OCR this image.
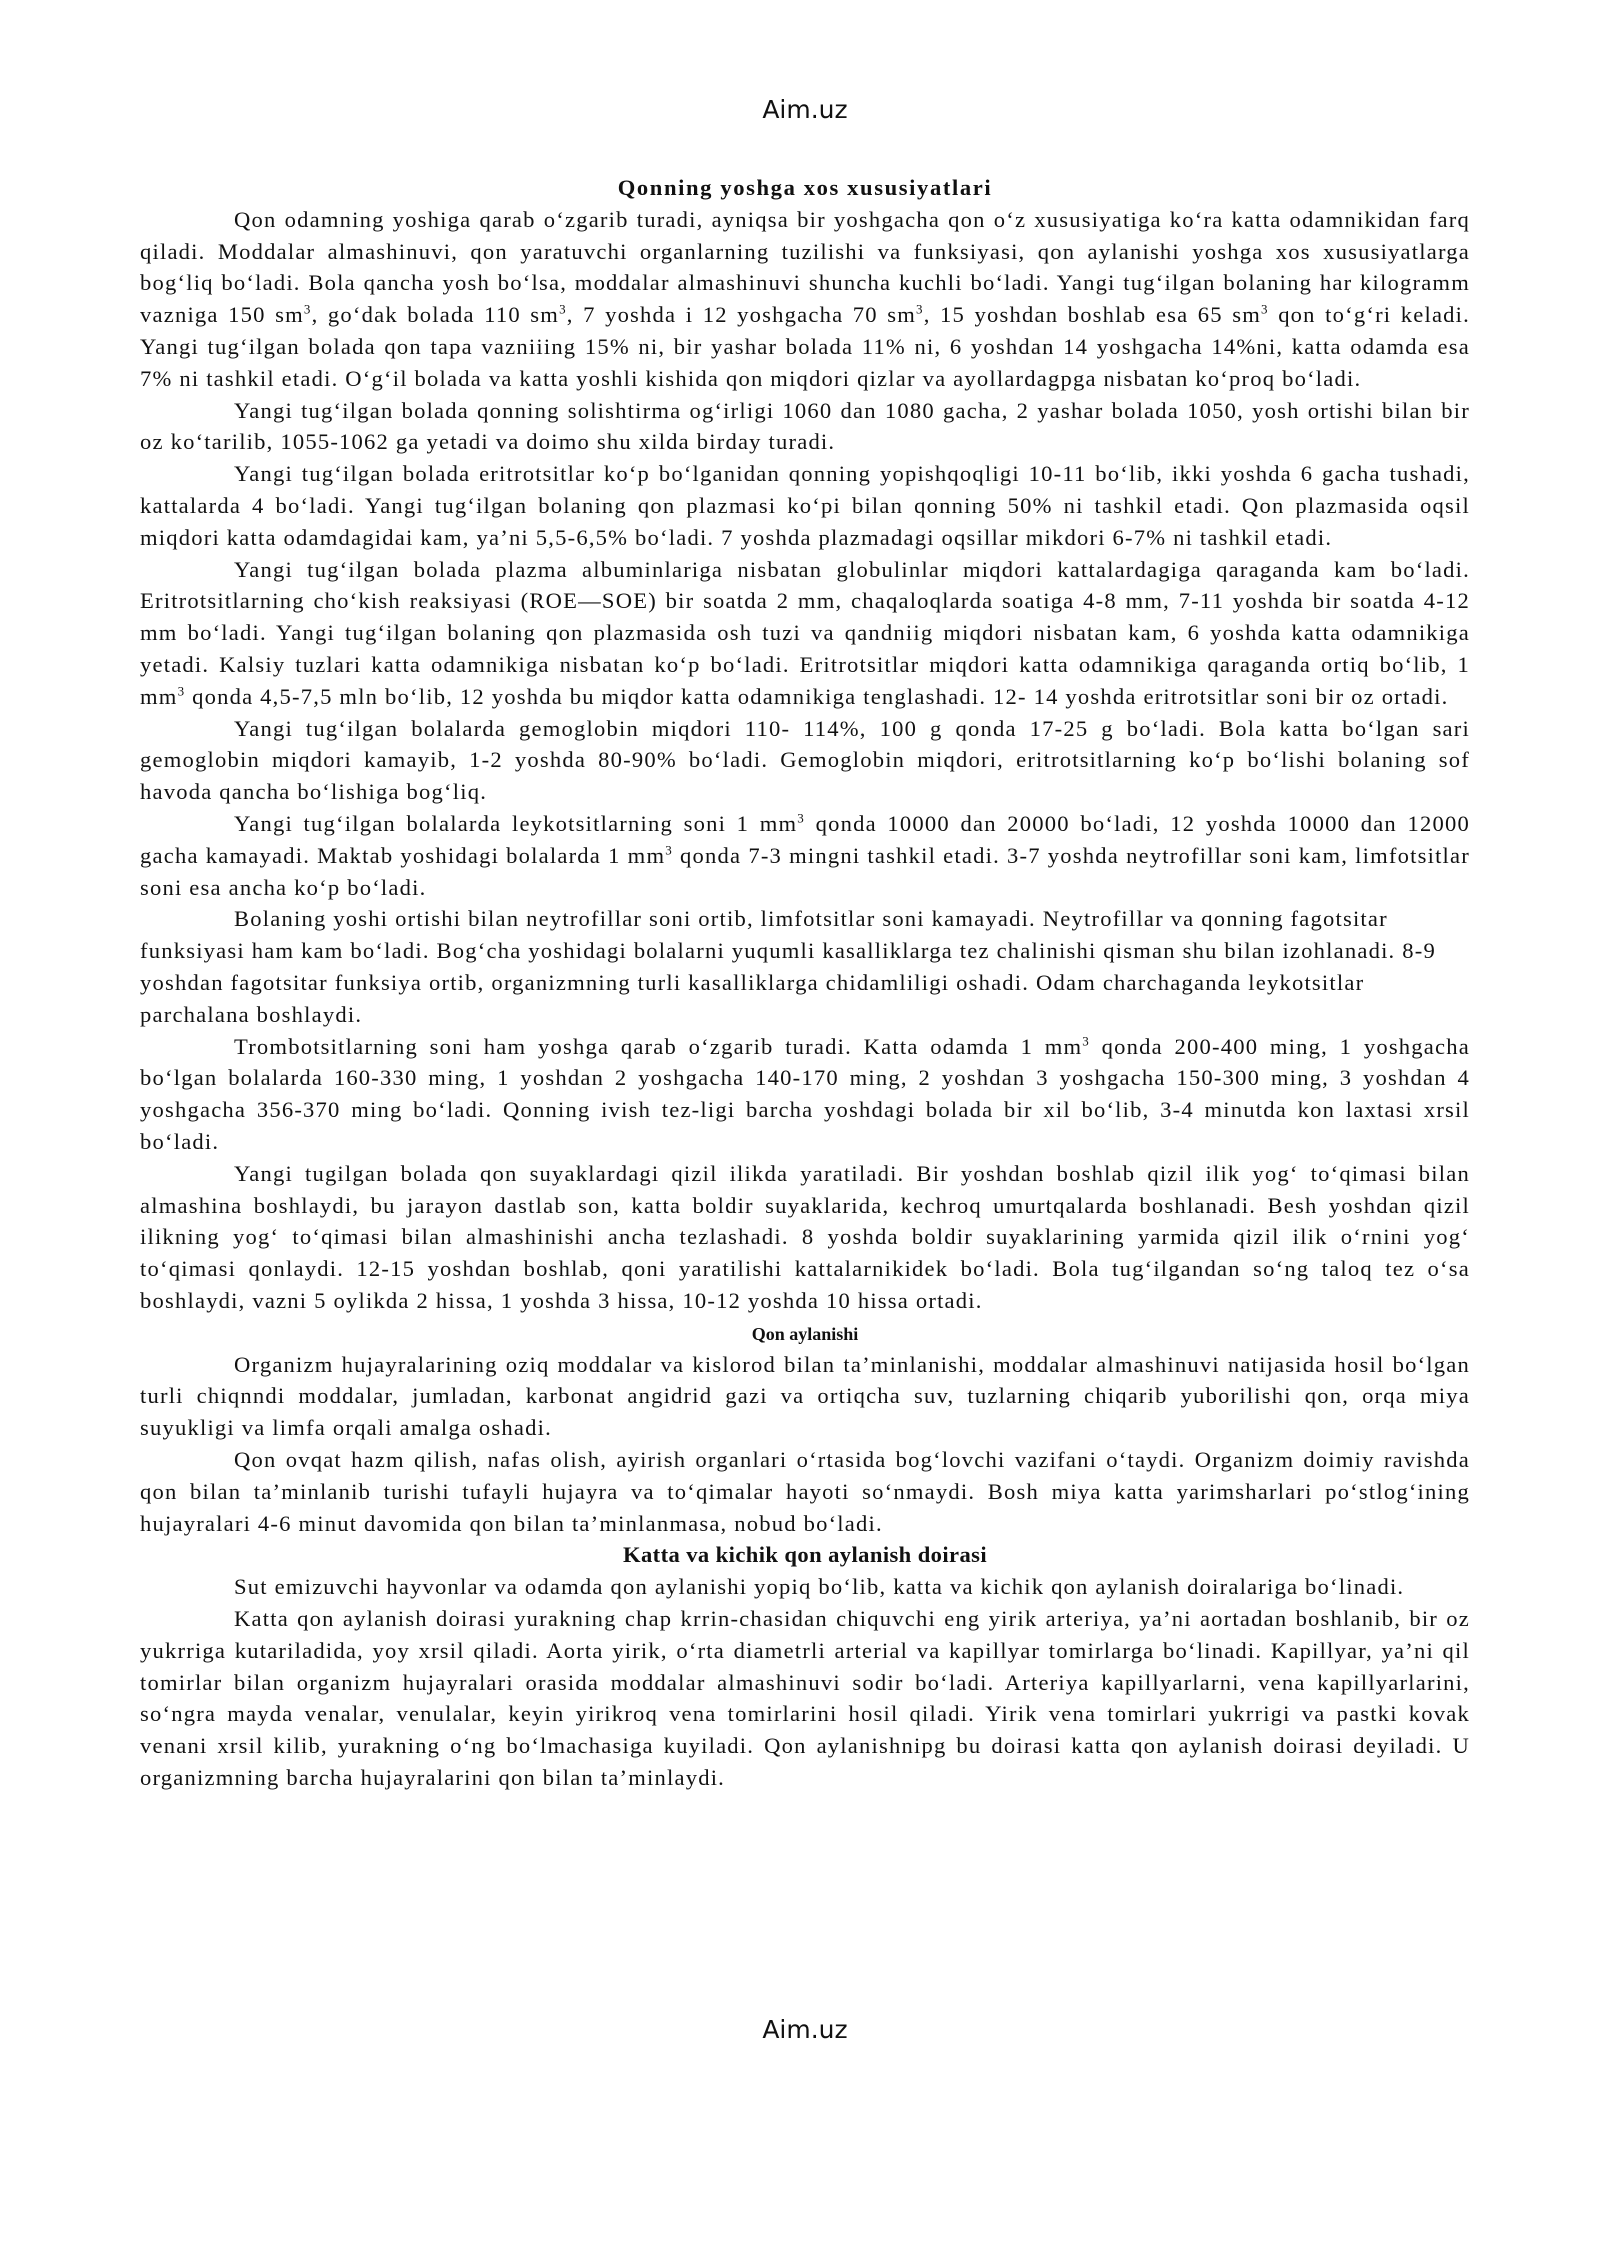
Aim.uz
Qonning yoshga xos xususiyatlari

Qon odamning yoshiga qarab o‘zgarib turadi, ayniqsa bir yoshgacha qon o‘z xususiyatiga ko‘ra katta odamnikidan farq qiladi. Moddalar almashinuvi, qon yaratuvchi organlarning tuzilishi va funksiyasi, qon aylanishi yoshga xos xususiyatlarga bog‘liq bo‘ladi. Bola qancha yosh bo‘lsa, moddalar almashinuvi shuncha kuchli bo‘ladi. Yangi tug‘ilgan bolaning har kilogramm vazniga 150 $sm^3$, go‘dak bolada 110 $sm^3$, 7 yoshda i 12 yoshgacha 70 $sm^3$, 15 yoshdan boshlab esa 65 $sm^3$ qon to‘g‘ri keladi. Yangi tug‘ilgan bolada qon tapa vazniiing 15% ni, bir yashar bolada 11% ni, 6 yoshdan 14 yoshgacha 14%ni, katta odamda esa 7% ni tashkil etadi. O‘g‘il bolada va katta yoshli kishida qon miqdori qizlar va ayollardagpga nisbatan ko‘proq bo‘ladi.

Yangi tug‘ilgan bolada qonning solishtirma og‘irligi 1060 dan 1080 gacha, 2 yashar bolada 1050, yosh ortishi bilan bir oz ko‘tarilib, 1055-1062 ga yetadi va doimo shu xilda birday turadi.

Yangi tug‘ilgan bolada eritrotsitlar ko‘p bo‘lganidan qonning yopishqoqligi 10-11 bo‘lib, ikki yoshda 6 gacha tushadi, kattalarda 4 bo‘ladi. Yangi tug‘ilgan bolaning qon plazmasi ko‘pi bilan qonning 50% ni tashkil etadi. Qon plazmasida oqsil miqdori katta odamdagidai kam, ya’ni 5,5-6,5% bo‘ladi. 7 yoshda plazmadagi oqsillar mikdori 6-7% ni tashkil etadi.

Yangi tug‘ilgan bolada plazma albuminlariga nisbatan globulinlar miqdori kattalardagiga qaraganda kam bo‘ladi. Eritrotsitlarning cho‘kish reaksiyasi (ROE—SOE) bir soatda 2 mm, chaqaloqlarda soatiga 4-8 mm, 7-11 yoshda bir soatda 4-12 mm bo‘ladi. Yangi tug‘ilgan bolaning qon plazmasida osh tuzi va qandniig miqdori nisbatan kam, 6 yoshda katta odamnikiga yetadi. Kalsiy tuzlari katta odamnikiga nisbatan ko‘p bo‘ladi. Eritrotsitlar miqdori katta odamnikiga qaraganda ortiq bo‘lib, 1 $mm^3$ qonda 4,5-7,5 mln bo‘lib, 12 yoshda bu miqdor katta odamnikiga tenglashadi. 12- 14 yoshda eritrotsitlar soni bir oz ortadi.

Yangi tug‘ilgan bolalarda gemoglobin miqdori 110- 114%, 100 g qonda 17-25 g bo‘ladi. Bola katta bo‘lgan sari gemoglobin miqdori kamayib, 1-2 yoshda 80-90% bo‘ladi. Gemoglobin miqdori, eritrotsitlarning ko‘p bo‘lishi bolaning sof havoda qancha bo‘lishiga bog‘liq.

Yangi tug‘ilgan bolalarda leykotsitlarning soni 1 $mm^3$ qonda 10000 dan 20000 bo‘ladi, 12 yoshda 10000 dan 12000 gacha kamayadi. Maktab yoshidagi bolalarda 1 $mm^3$ qonda 7-3 mingni tashkil etadi. 3-7 yoshda neytrofillar soni kam, limfotsitlar soni esa ancha ko‘p bo‘ladi.

Bolaning yoshi ortishi bilan neytrofillar soni ortib, limfotsitlar soni kamayadi. Neytrofillar va qonning fagotsitar funksiyasi ham kam bo‘ladi. Bog‘cha yoshidagi bolalarni yuqumli kasalliklarga tez chalinishi qisman shu bilan izohlanadi. 8-9 yoshdan fagotsitar funksiya ortib, organizmning turli kasalliklarga chidamliligi oshadi. Odam charchaganda leykotsitlar parchalana boshlaydi.

Trombotsitlarning soni ham yoshga qarab o‘zgarib turadi. Katta odamda 1 $mm^3$ qonda 200-400 ming, 1 yoshgacha bo‘lgan bolalarda 160-330 ming, 1 yoshdan 2 yoshgacha 140-170 ming, 2 yoshdan 3 yoshgacha 150-300 ming, 3 yoshdan 4 yoshgacha 356-370 ming bo‘ladi. Qonning ivish tez-ligi barcha yoshdagi bolada bir xil bo‘lib, 3-4 minutda kon laxtasi xrsil bo‘ladi.

Yangi tugilgan bolada qon suyaklardagi qizil ilikda yaratiladi. Bir yoshdan boshlab qizil ilik yog‘ to‘qimasi bilan almashina boshlaydi, bu jarayon dastlab son, katta boldir suyaklarida, kechroq umurtqalarda boshlanadi. Besh yoshdan qizil ilikning yog‘ to‘qimasi bilan almashinishi ancha tezlashadi. 8 yoshda boldir suyaklarining yarmida qizil ilik o‘rnini yog‘ to‘qimasi qonlaydi. 12-15 yoshdan boshlab, qoni yaratilishi kattalarnikidek bo‘ladi. Bola tug‘ilgandan so‘ng taloq tez o‘sa boshlaydi, vazni 5 oylikda 2 hissa, 1 yoshda 3 hissa, 10-12 yoshda 10 hissa ortadi.

Qon aylanishi

Organizm hujayralarining oziq moddalar va kislorod bilan ta’minlanishi, moddalar almashinuvi natijasida hosil bo‘lgan turli chiqnndi moddalar, jumladan, karbonat angidrid gazi va ortiqcha suv, tuzlarning chiqarib yuborilishi qon, orqa miya suyukligi va limfa orqali amalga oshadi.

Qon ovqat hazm qilish, nafas olish, ayirish organlari o‘rtasida bog‘lovchi vazifani o‘taydi. Organizm doimiy ravishda qon bilan ta’minlanib turishi tufayli hujayra va to‘qimalar hayoti so‘nmaydi. Bosh miya katta yarimsharlari po‘stlog‘ining hujayralari 4-6 minut davomida qon bilan ta’minlanmasa, nobud bo‘ladi.

Katta va kichik qon aylanish doirasi

Sut emizuvchi hayvonlar va odamda qon aylanishi yopiq bo‘lib, katta va kichik qon aylanish doiralariga bo‘linadi.

Katta qon aylanish doirasi yurakning chap krrin-chasidan chiquvchi eng yirik arteriya, ya’ni aortadan boshlanib, bir oz yukrriga kutariladida, yoy xrsil qiladi. Aorta yirik, o‘rta diametrli arterial va kapillyar tomirlarga bo‘linadi. Kapillyar, ya’ni qil tomirlar bilan organizm hujayralari orasida moddalar almashinuvi sodir bo‘ladi. Arteriya kapillyarlarni, vena kapillyarlarini, so‘ngra mayda venalar, venulalar, keyin yirikroq vena tomirlarini hosil qiladi. Yirik vena tomirlari yukrrigi va pastki kovak venani xrsil kilib, yurakning o‘ng bo‘lmachasiga kuyiladi. Qon aylanishnipg bu doirasi katta qon aylanish doirasi deyiladi. U organizmning barcha hujayralarini qon bilan ta’minlaydi.

Aim.uz
